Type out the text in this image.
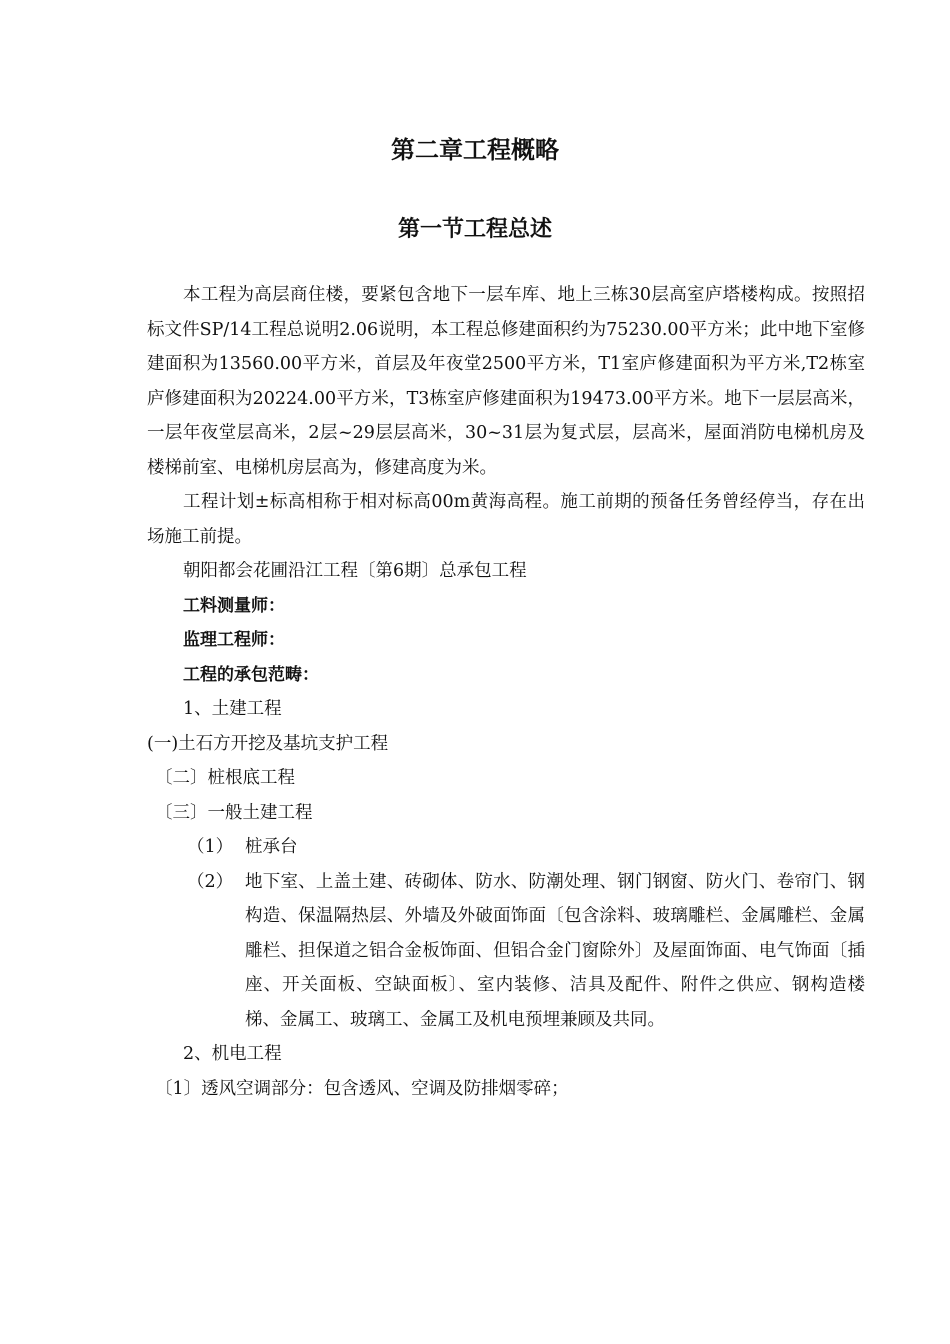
第二章工程概略
第一节工程总述

本工程为高层商住楼，要紧包含地下一层车库、地上三栋30层高室庐塔楼构成。按照招标文件SP/14工程总说明2.06说明，本工程总修建面积约为75230.00平方米；此中地下室修建面积为13560.00平方米，首层及年夜堂2500平方米，T1室庐修建面积为平方米,T2栋室庐修建面积为20224.00平方米，T3栋室庐修建面积为19473.00平方米。地下一层层高米，一层年夜堂层高米，2层~29层层高米，30~31层为复式层，层高米，屋面消防电梯机房及楼梯前室、电梯机房层高为，修建高度为米。

工程计划±标高相称于相对标高00m黄海高程。施工前期的预备任务曾经停当，存在出场施工前提。

朝阳都会花圃沿江工程〔第6期〕总承包工程

工料测量师：

监理工程师：

工程的承包范畴：

1、土建工程

(一)土石方开挖及基坑支护工程

〔二〕桩根底工程

〔三〕一般土建工程

（1） 桩承台
（2） 地下室、上盖土建、砖砌体、防水、防潮处理、钢门钢窗、防火门、卷帘门、钢构造、保温隔热层、外墙及外破面饰面〔包含涂料、玻璃雕栏、金属雕栏、金属雕栏、担保道之铝合金板饰面、但铝合金门窗除外〕及屋面饰面、电气饰面〔插座、开关面板、空缺面板〕、室内装修、洁具及配件、附件之供应、钢构造楼梯、金属工、玻璃工、金属工及机电预埋兼顾及共同。

2、机电工程

〔1〕透风空调部分：包含透风、空调及防排烟零碎；
